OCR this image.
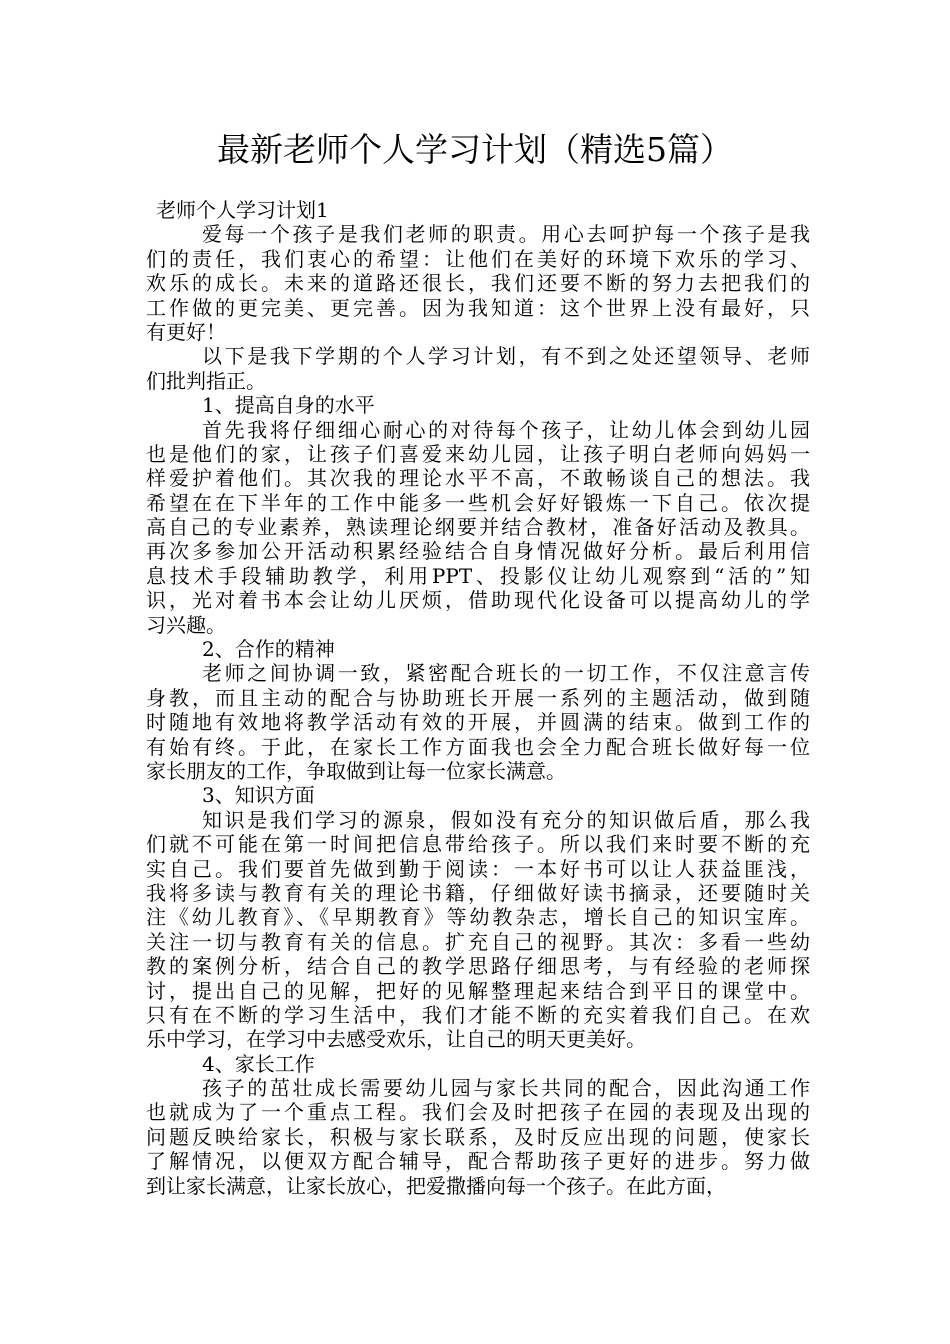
最新老师个人学习计划（精选5篇）
老师个人学习计划1
爱每一个孩子是我们老师的职责。用心去呵护每一个孩子是我
们的责任，我们衷心的希望：让他们在美好的环境下欢乐的学习、
欢乐的成长。未来的道路还很长，我们还要不断的努力去把我们的
工作做的更完美、更完善。因为我知道：这个世界上没有最好，只
有更好！
以下是我下学期的个人学习计划，有不到之处还望领导、老师
们批判指正。
1、提高自身的水平
首先我将仔细细心耐心的对待每个孩子，让幼儿体会到幼儿园
也是他们的家，让孩子们喜爱来幼儿园，让孩子明白老师向妈妈一
样爱护着他们。其次我的理论水平不高，不敢畅谈自己的想法。我
希望在在下半年的工作中能多一些机会好好锻炼一下自己。依次提
高自己的专业素养，熟读理论纲要并结合教材，准备好活动及教具。
再次多参加公开活动积累经验结合自身情况做好分析。最后利用信
息技术手段辅助教学，利用PPT、投影仪让幼儿观察到“活的”知
识，光对着书本会让幼儿厌烦，借助现代化设备可以提高幼儿的学
习兴趣。
2、合作的精神
老师之间协调一致，紧密配合班长的一切工作，不仅注意言传
身教，而且主动的配合与协助班长开展一系列的主题活动，做到随
时随地有效地将教学活动有效的开展，并圆满的结束。做到工作的
有始有终。于此，在家长工作方面我也会全力配合班长做好每一位
家长朋友的工作，争取做到让每一位家长满意。
3、知识方面
知识是我们学习的源泉，假如没有充分的知识做后盾，那么我
们就不可能在第一时间把信息带给孩子。所以我们来时要不断的充
实自己。我们要首先做到勤于阅读：一本好书可以让人获益匪浅，
我将多读与教育有关的理论书籍，仔细做好读书摘录，还要随时关
注《幼儿教育》、《早期教育》等幼教杂志，增长自己的知识宝库。
关注一切与教育有关的信息。扩充自己的视野。其次：多看一些幼
教的案例分析，结合自己的教学思路仔细思考，与有经验的老师探
讨，提出自己的见解，把好的见解整理起来结合到平日的课堂中。
只有在不断的学习生活中，我们才能不断的充实着我们自己。在欢
乐中学习，在学习中去感受欢乐，让自己的明天更美好。
4、家长工作
孩子的茁壮成长需要幼儿园与家长共同的配合，因此沟通工作
也就成为了一个重点工程。我们会及时把孩子在园的表现及出现的
问题反映给家长，积极与家长联系，及时反应出现的问题，使家长
了解情况，以便双方配合辅导，配合帮助孩子更好的进步。努力做
到让家长满意，让家长放心，把爱撒播向每一个孩子。在此方面，
